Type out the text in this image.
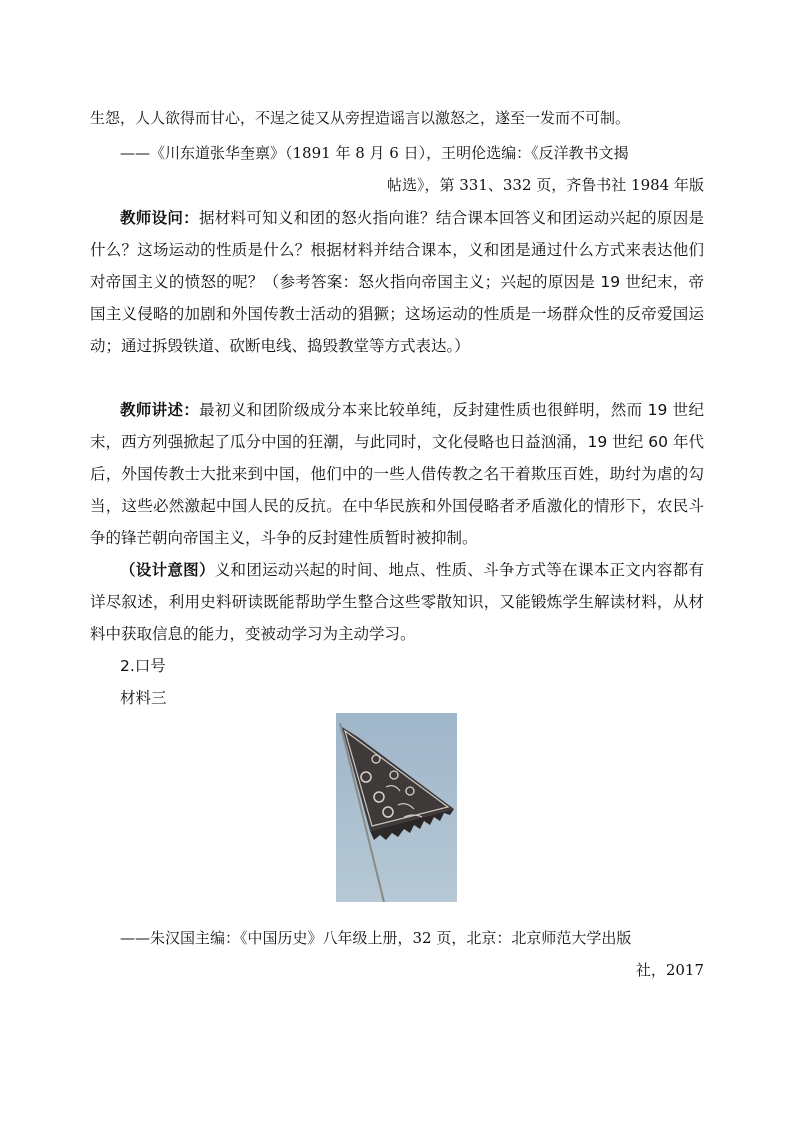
生怨，人人欲得而甘心，不逞之徒又从旁捏造谣言以激怒之，遂至一发而不可制。

——《川东道张华奎禀》（1891 年 8 月 6 日），王明伦选编：《反洋教书文揭

帖选》，第 331、332 页，齐鲁书社 1984 年版

教师设问：据材料可知义和团的怒火指向谁？结合课本回答义和团运动兴起的原因是什么？这场运动的性质是什么？根据材料并结合课本，义和团是通过什么方式来表达他们对帝国主义的愤怒的呢？（参考答案：怒火指向帝国主义；兴起的原因是 19 世纪末，帝国主义侵略的加剧和外国传教士活动的猖獗；这场运动的性质是一场群众性的反帝爱国运动；通过拆毁铁道、砍断电线、捣毁教堂等方式表达。）

教师讲述：最初义和团阶级成分本来比较单纯，反封建性质也很鲜明，然而 19 世纪末，西方列强掀起了瓜分中国的狂潮，与此同时，文化侵略也日益汹涌，19 世纪 60 年代后，外国传教士大批来到中国，他们中的一些人借传教之名干着欺压百姓，助纣为虐的勾当，这些必然激起中国人民的反抗。在中华民族和外国侵略者矛盾激化的情形下，农民斗争的锋芒朝向帝国主义，斗争的反封建性质暂时被抑制。

（设计意图）义和团运动兴起的时间、地点、性质、斗争方式等在课本正文内容都有详尽叙述，利用史料研读既能帮助学生整合这些零散知识，又能锻炼学生解读材料，从材料中获取信息的能力，变被动学习为主动学习。

2.口号

材料三

——朱汉国主编：《中国历史》八年级上册，32 页，北京：北京师范大学出版

社，2017
